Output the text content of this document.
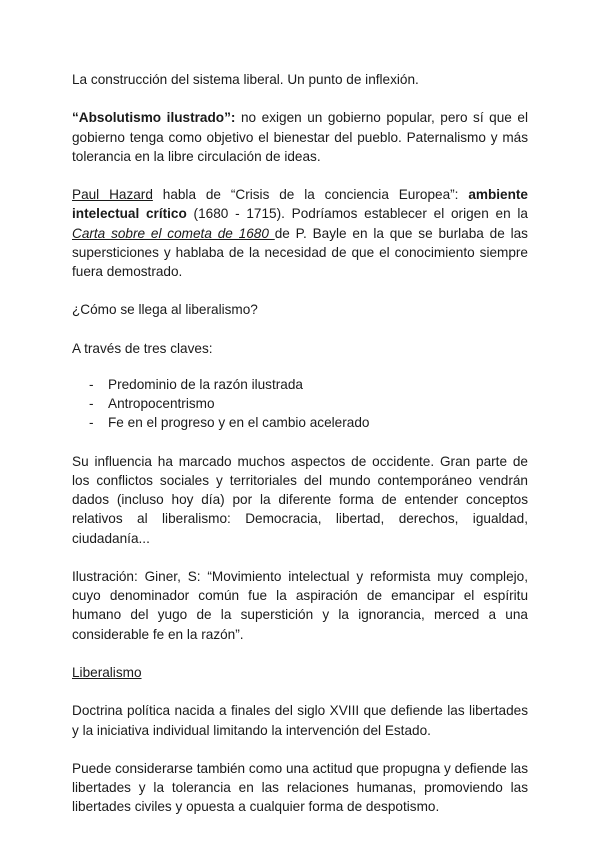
La construcción del sistema liberal. Un punto de inflexión.

“Absolutismo ilustrado”: no exigen un gobierno popular, pero sí que el gobierno tenga como objetivo el bienestar del pueblo. Paternalismo y más tolerancia en la libre circulación de ideas.

Paul Hazard habla de “Crisis de la conciencia Europea”: ambiente intelectual crítico (1680 - 1715). Podríamos establecer el origen en la Carta sobre el cometa de 1680 de P. Bayle en la que se burlaba de las supersticiones y hablaba de la necesidad de que el conocimiento siempre fuera demostrado.

¿Cómo se llega al liberalismo?

A través de tres claves:

- Predominio de la razón ilustrada
- Antropocentrismo
- Fe en el progreso y en el cambio acelerado

Su influencia ha marcado muchos aspectos de occidente. Gran parte de los conflictos sociales y territoriales del mundo contemporáneo vendrán dados (incluso hoy día) por la diferente forma de entender conceptos relativos al liberalismo: Democracia, libertad, derechos, igualdad, ciudadanía...

Ilustración: Giner, S: “Movimiento intelectual y reformista muy complejo, cuyo denominador común fue la aspiración de emancipar el espíritu humano del yugo de la superstición y la ignorancia, merced a una considerable fe en la razón”.

Liberalismo

Doctrina política nacida a finales del siglo XVIII que defiende las libertades y la iniciativa individual limitando la intervención del Estado.

Puede considerarse también como una actitud que propugna y defiende las libertades y la tolerancia en las relaciones humanas, promoviendo las libertades civiles y opuesta a cualquier forma de despotismo.
